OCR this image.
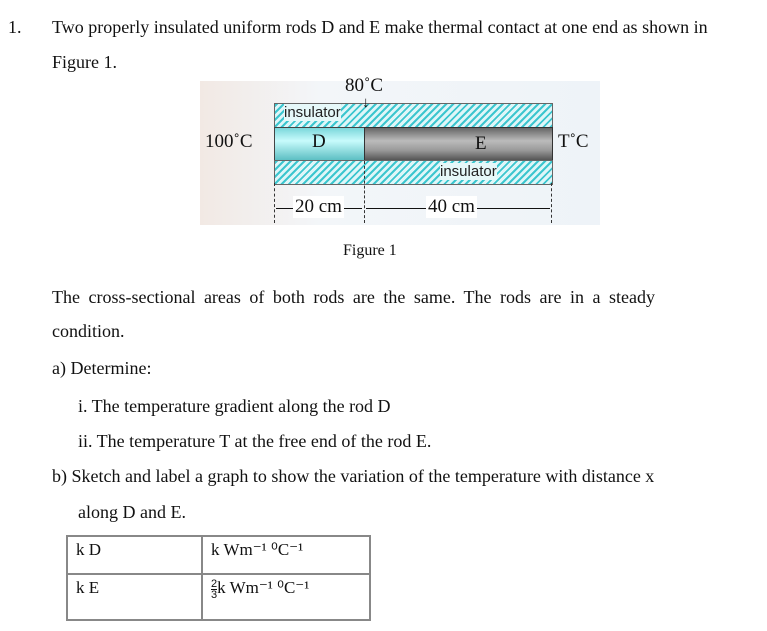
1. Two properly insulated uniform rods D and E make thermal contact at one end as shown in
Figure 1.
insulator
D	E
insulator
80˚C
↓
100˚C	T˚C
20 cm	40 cm
Figure 1
The cross-sectional areas of both rods are the same. The rods are in a steady
condition.
a) Determine:
i. The temperature gradient along the rod D
ii. The temperature T at the free end of the rod E.
b) Sketch and label a graph to show the variation of the temperature with distance x
along D and E.
k D	k Wm⁻¹ ⁰C⁻¹
k E	$\frac{2}{3}$ k Wm⁻¹ ⁰C⁻¹
